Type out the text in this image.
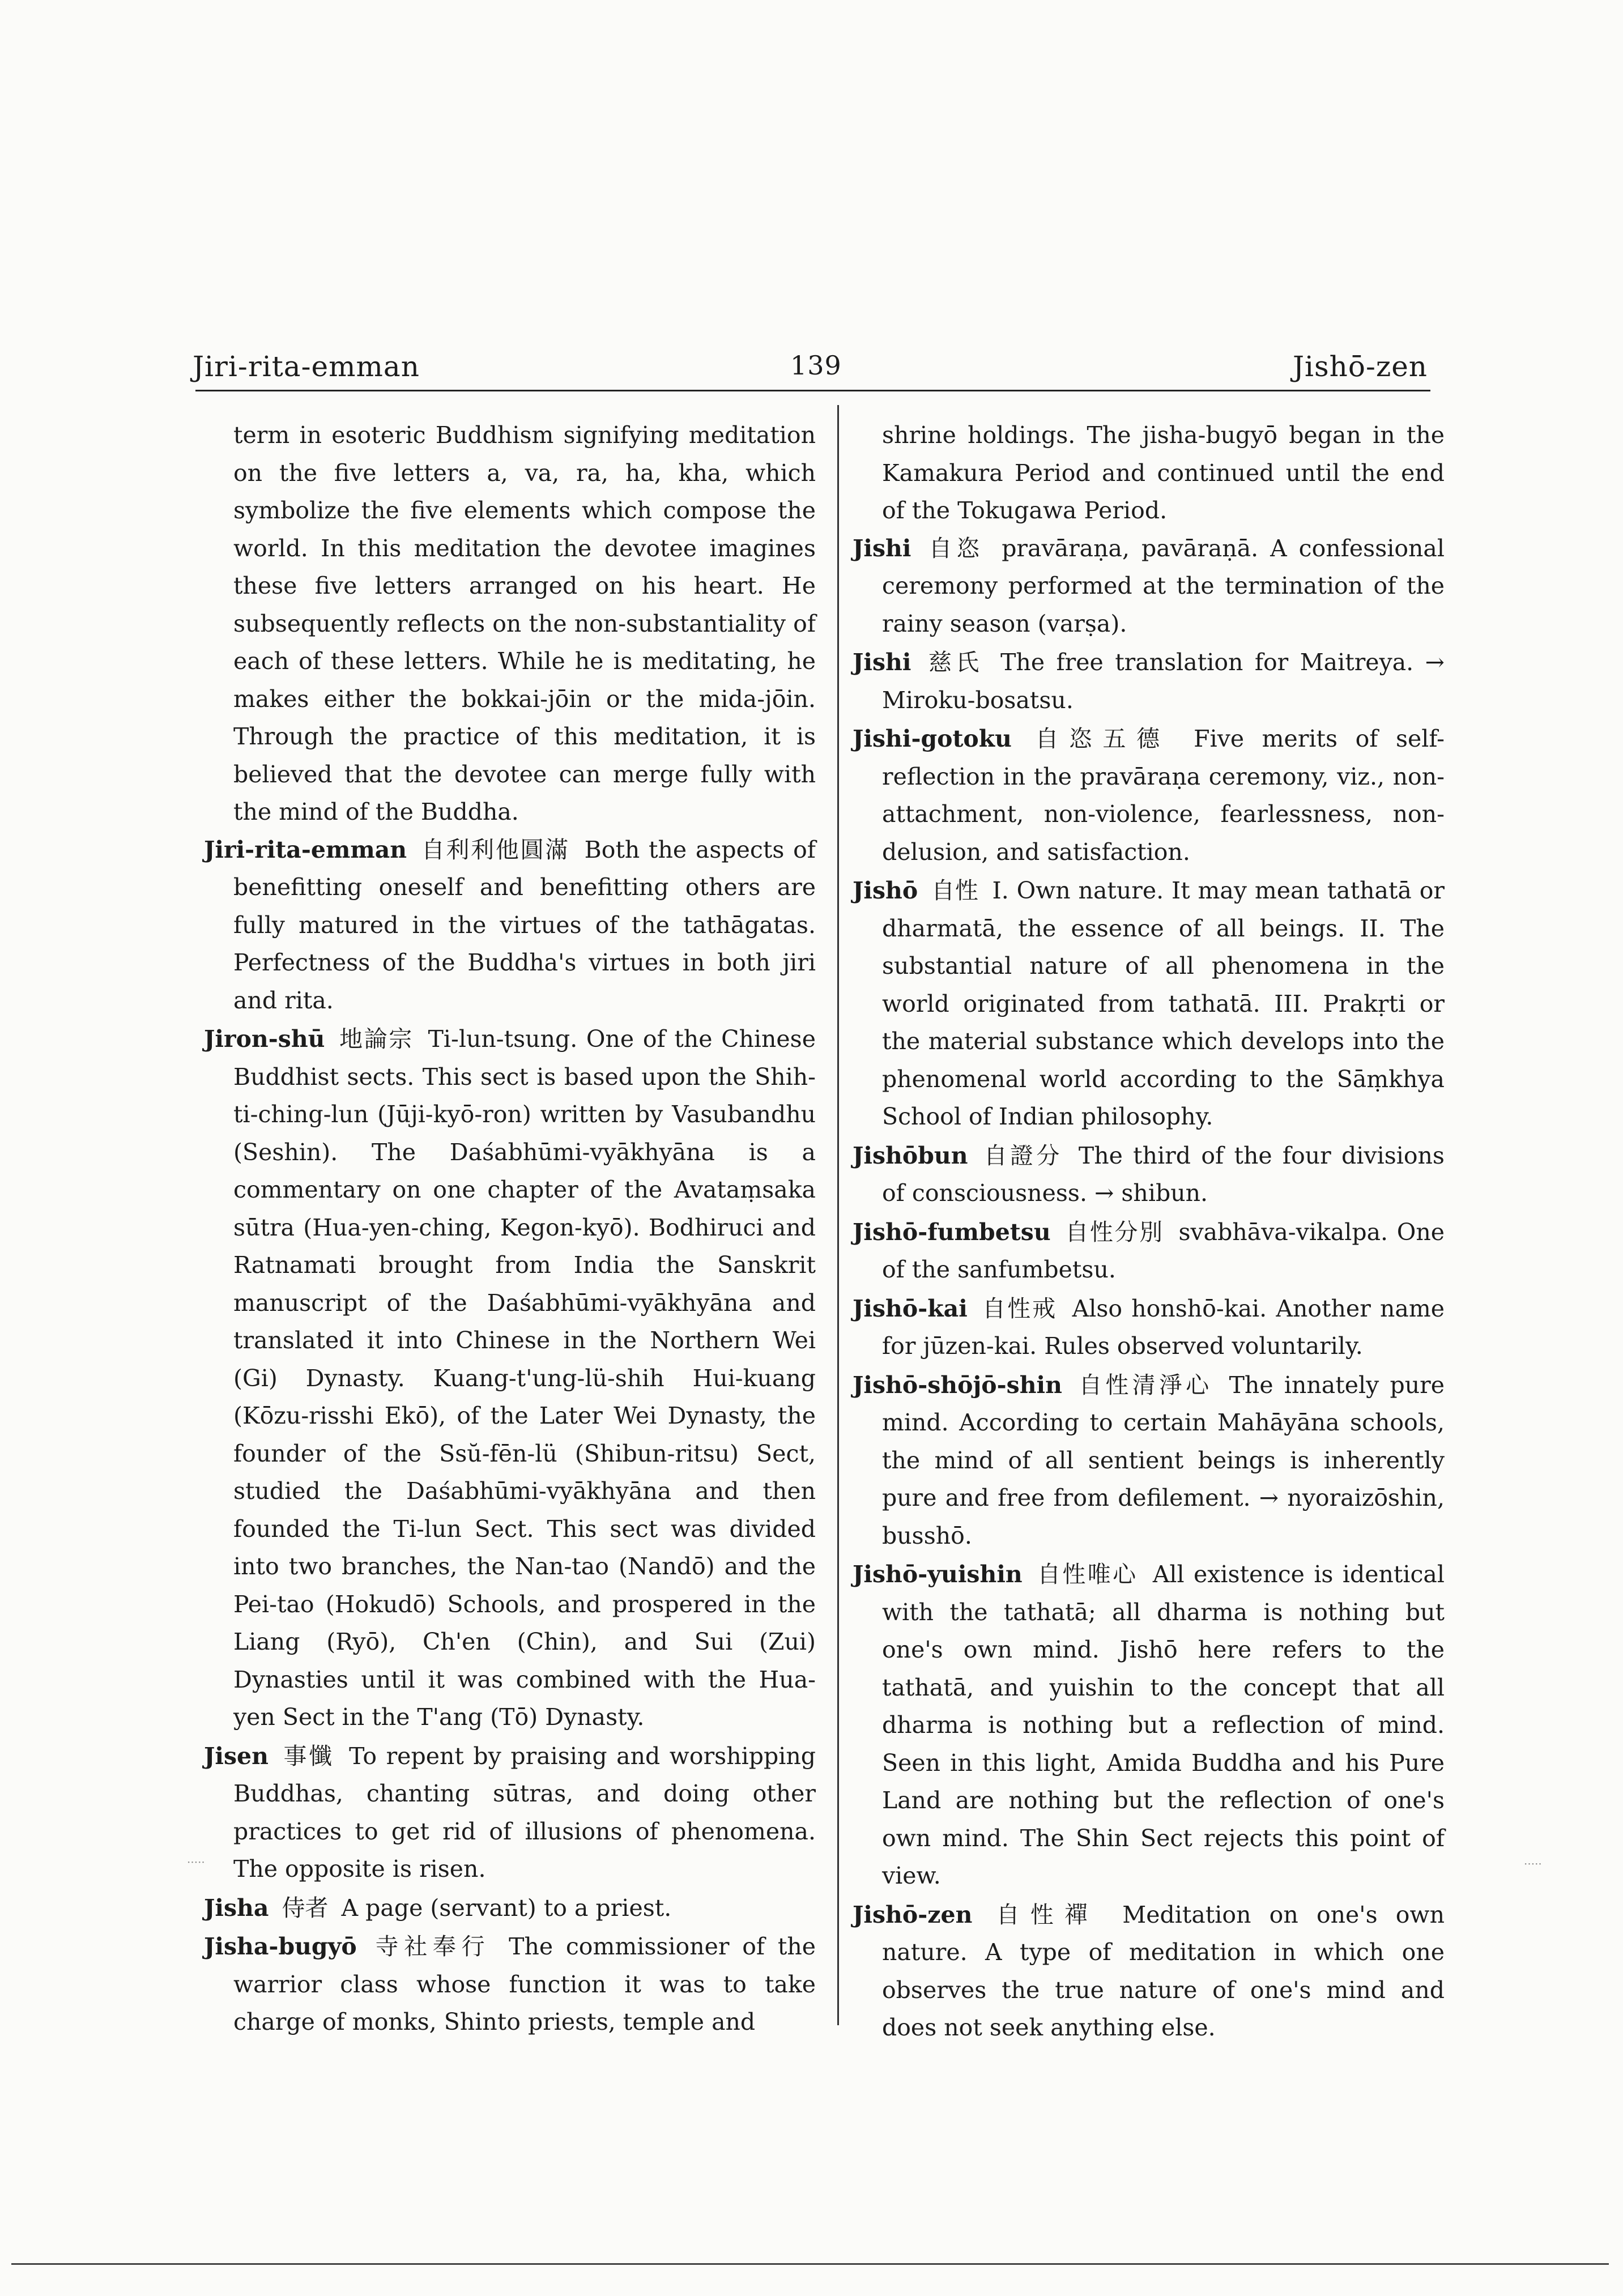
Jiri-rita-emman	139	Jishō-zen

term in esoteric Buddhism signifying meditation on the five letters a, va, ra, ha, kha, which symbolize the five elements which compose the world. In this meditation the devotee imagines these five letters arranged on his heart. He subsequently reflects on the non-substantiality of each of these letters. While he is meditating, he makes either the bokkai-jōin or the mida-jōin. Through the practice of this meditation, it is believed that the devotee can merge fully with the mind of the Buddha.

Jiri-rita-emman 自利利他圓滿 Both the aspects of benefitting oneself and benefitting others are fully matured in the virtues of the tathāgatas. Perfectness of the Buddha's virtues in both jiri and rita.

Jiron-shū 地論宗 Ti-lun-tsung. One of the Chinese Buddhist sects. This sect is based upon the Shih-ti-ching-lun (Jūji-kyō-ron) written by Vasubandhu (Seshin). The Daśabhūmi-vyākhyāna is a commentary on one chapter of the Avataṃsaka sūtra (Hua-yen-ching, Kegon-kyō). Bodhiruci and Ratnamati brought from India the Sanskrit manuscript of the Daśabhūmi-vyākhyāna and translated it into Chinese in the Northern Wei (Gi) Dynasty. Kuang-t'ung-lü-shih Hui-kuang (Kōzu-risshi Ekō), of the Later Wei Dynasty, the founder of the Ssŭ-fēn-lü (Shibun-ritsu) Sect, studied the Daśabhūmi-vyākhyāna and then founded the Ti-lun Sect. This sect was divided into two branches, the Nan-tao (Nandō) and the Pei-tao (Hokudō) Schools, and prospered in the Liang (Ryō), Ch'en (Chin), and Sui (Zui) Dynasties until it was combined with the Hua-yen Sect in the T'ang (Tō) Dynasty.

Jisen 事懺 To repent by praising and worshipping Buddhas, chanting sūtras, and doing other practices to get rid of illusions of phenomena. The opposite is risen.

Jisha 侍者 A page (servant) to a priest.

Jisha-bugyō 寺社奉行 The commissioner of the warrior class whose function it was to take charge of monks, Shinto priests, temple and

shrine holdings. The jisha-bugyō began in the Kamakura Period and continued until the end of the Tokugawa Period.

Jishi 自恣 pravāraṇa, pavāraṇā. A confessional ceremony performed at the termination of the rainy season (varṣa).

Jishi 慈氏 The free translation for Maitreya. → Miroku-bosatsu.

Jishi-gotoku 自恣五德 Five merits of self-reflection in the pravāraṇa ceremony, viz., non-attachment, non-violence, fearlessness, non-delusion, and satisfaction.

Jishō 自性 I. Own nature. It may mean tathatā or dharmatā, the essence of all beings. II. The substantial nature of all phenomena in the world originated from tathatā. III. Prakṛti or the material substance which develops into the phenomenal world according to the Sāṃkhya School of Indian philosophy.

Jishōbun 自證分 The third of the four divisions of consciousness. → shibun.

Jishō-fumbetsu 自性分別 svabhāva-vikalpa. One of the sanfumbetsu.

Jishō-kai 自性戒 Also honshō-kai. Another name for jūzen-kai. Rules observed voluntarily.

Jishō-shōjō-shin 自性清淨心 The innately pure mind. According to certain Mahāyāna schools, the mind of all sentient beings is inherently pure and free from defilement. → nyoraizōshin, busshō.

Jishō-yuishin 自性唯心 All existence is identical with the tathatā; all dharma is nothing but one's own mind. Jishō here refers to the tathatā, and yuishin to the concept that all dharma is nothing but a reflection of mind. Seen in this light, Amida Buddha and his Pure Land are nothing but the reflection of one's own mind. The Shin Sect rejects this point of view.

Jishō-zen 自性禪 Meditation on one's own nature. A type of meditation in which one observes the true nature of one's mind and does not seek anything else.

·····	·····
